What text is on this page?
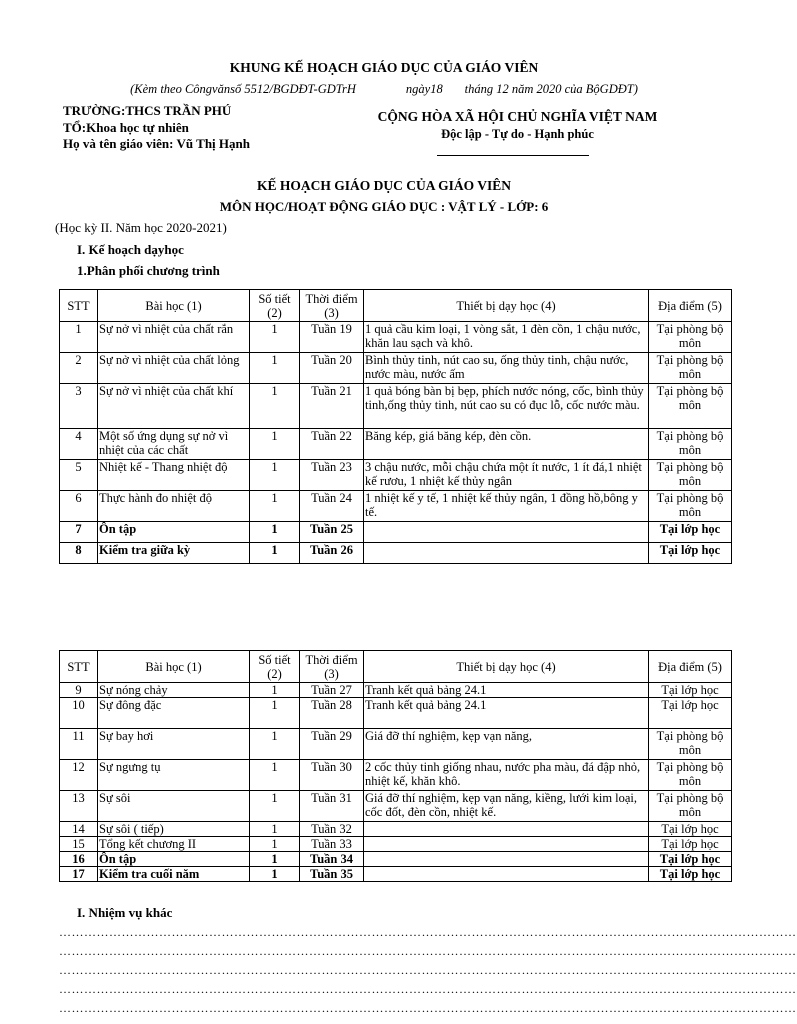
KHUNG KẾ HOẠCH GIÁO DỤC CỦA GIÁO VIÊN
(Kèm theo Côngvănsố 5512/BGDĐT-GDTrH                ngày18       tháng 12 năm 2020 của BộGDĐT)
TRƯỜNG:THCS TRẦN PHÚ
TỔ:Khoa học tự nhiên
Họ và tên giáo viên: Vũ Thị Hạnh
CỘNG HÒA XÃ HỘI CHỦ NGHĨA VIỆT NAM
Độc lập - Tự do - Hạnh phúc
KẾ HOẠCH GIÁO DỤC CỦA GIÁO VIÊN
MÔN HỌC/HOẠT ĐỘNG GIÁO DỤC : VẬT LÝ - LỚP: 6
(Học kỳ II. Năm học 2020-2021)
I. Kế hoạch dạyhọc
1.Phân phối chương trình
STT	Bài học (1)	Số tiết (2)	Thời điểm (3)	Thiết bị dạy học (4)	Địa điểm (5)
1	Sự nở vì nhiệt của chất rắn	1	Tuần 19	1 quả cầu kim loại, 1 vòng sắt, 1 đèn cồn, 1 chậu nước, khăn lau sạch và khô.	Tại phòng bộ môn
2	Sự nở vì nhiệt của chất lỏng	1	Tuần 20	Bình thủy tinh, nút cao su, ống thủy tinh, chậu nước, nước màu, nước ấm	Tại phòng bộ môn
3	Sự nở vì nhiệt của chất khí	1	Tuần 21	1 quả bóng bàn bị bẹp, phích nước nóng, cốc, bình thủy tinh,ống thủy tinh, nút cao su có đục lỗ, cốc nước màu.	Tại phòng bộ môn
4	Một số ứng dụng sự nở vì nhiệt của các chất	1	Tuần 22	Băng kép, giá băng kép, đèn cồn.	Tại phòng bộ môn
5	Nhiệt kế - Thang nhiệt độ	1	Tuần 23	3 chậu nước, mỗi chậu chứa một ít nước, 1 ít đá,1 nhiệt kế rươu, 1 nhiệt kế thủy ngân	Tại phòng bộ môn
6	Thực hành đo nhiệt độ	1	Tuần 24	1 nhiệt kế y tế, 1 nhiệt kế thủy ngân, 1 đồng hồ,bông y tế.	Tại phòng bộ môn
7	Ôn tập	1	Tuần 25		Tại lớp học
8	Kiểm tra giữa kỳ	1	Tuần 26		Tại lớp học
STT	Bài học (1)	Số tiết (2)	Thời điểm (3)	Thiết bị dạy học (4)	Địa điểm (5)
9	Sự nóng chảy	1	Tuần 27	Tranh kết quả bảng 24.1	Tại lớp học
10	Sự đông đặc	1	Tuần 28	Tranh kết quả bảng 24.1	Tại lớp học
11	Sự bay hơi	1	Tuần 29	Giá đỡ thí nghiệm, kẹp vạn năng,	Tại phòng bộ môn
12	Sự ngưng tụ	1	Tuần 30	2 cốc thủy tinh giống nhau, nước pha màu, đá đập nhỏ, nhiệt kế, khăn khô.	Tại phòng bộ môn
13	Sự sôi	1	Tuần 31	Giá đỡ thí nghiệm, kẹp vạn năng, kiềng, lưới kim loại, cốc đốt, đèn cồn, nhiệt kế.	Tại phòng bộ môn
14	Sự sôi ( tiếp)	1	Tuần 32		Tại lớp học
15	Tổng kết chương II	1	Tuần 33		Tại lớp học
16	Ôn tập	1	Tuần 34		Tại lớp học
17	Kiểm tra cuối năm	1	Tuần 35		Tại lớp học
I. Nhiệm vụ khác
……………………………………………………………………………………………………………………………………………………………
……………………………………………………………………………………………………………………………………………………………
……………………………………………………………………………………………………………………………………………………………
……………………………………………………………………………………………………………………………………………………………
……………………………………………………………………………………………………………………………………………………………
